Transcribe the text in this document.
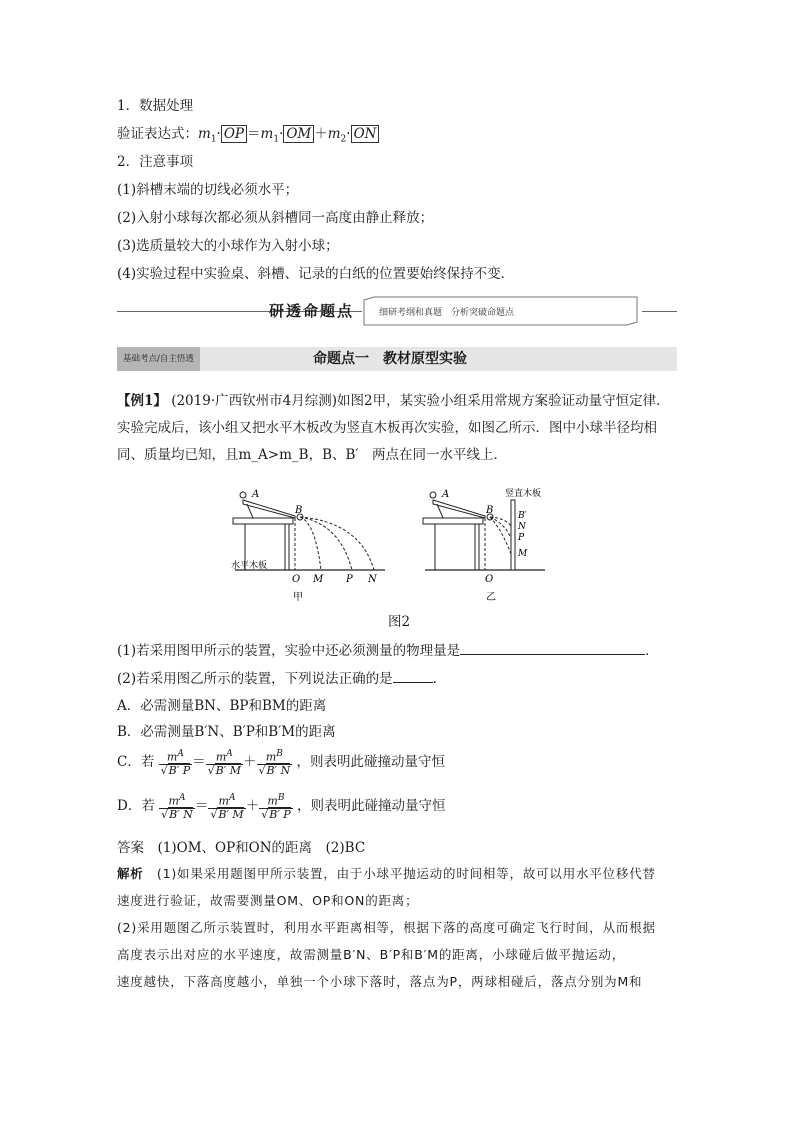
1．数据处理
验证表达式：$m_1\cdot$ OP $=m_1\cdot$ OM $+m_2\cdot$ ON
2．注意事项
(1)斜槽末端的切线必须水平；
(2)入射小球每次都必须从斜槽同一高度由静止释放；
(3)选质量较大的小球作为入射小球；
(4)实验过程中实验桌、斜槽、记录的白纸的位置要始终保持不变．
研透命题点	细研考纲和真题　分析突破命题点
基础考点/自主悟透	命题点一　教材原型实验
【例1】 (2019·广西钦州市4月综测)如图2甲，某实验小组采用常规方案验证动量守恒定律．实验完成后，该小组又把水平木板改为竖直木板再次实验，如图乙所示．图中小球半径均相同、质量均已知，且m_A>m_B，B、B′　两点在同一水平线上．
A
B
O M P N
水平木板
甲
A
B	B′
N
P
M
O
竖直木板
乙
图2
(1)若采用图甲所示的装置，实验中还必须测量的物理量是	．
(2)若采用图乙所示的装置，下列说法正确的是	．
A．必需测量BN、BP和BM的距离
B．必需测量B′N、B′P和B′M的距离
C．若 $\frac{m^A}{√B' P} = \frac{m^A}{√B' M} + \frac{m^B}{√B' N}$ ，则表明此碰撞动量守恒
D．若 $\frac{m^A}{√B' N} = \frac{m^A}{√B' M} + \frac{m^B}{√B' P}$ ，则表明此碰撞动量守恒
答案　 (1)OM、OP和ON的距离　(2)BC
解析　 (1)如果采用题图甲所示装置，由于小球平抛运动的时间相等，故可以用水平位移代替
速度进行验证，故需要测量OM、OP和ON的距离；
(2)采用题图乙所示装置时，利用水平距离相等，根据下落的高度可确定飞行时间，从而根据
高度表示出对应的水平速度，故需测量B′N、B′P和B′M的距离，小球碰后做平抛运动，
速度越快，下落高度越小，单独一个小球下落时，落点为P，两球相碰后，落点分别为M和
